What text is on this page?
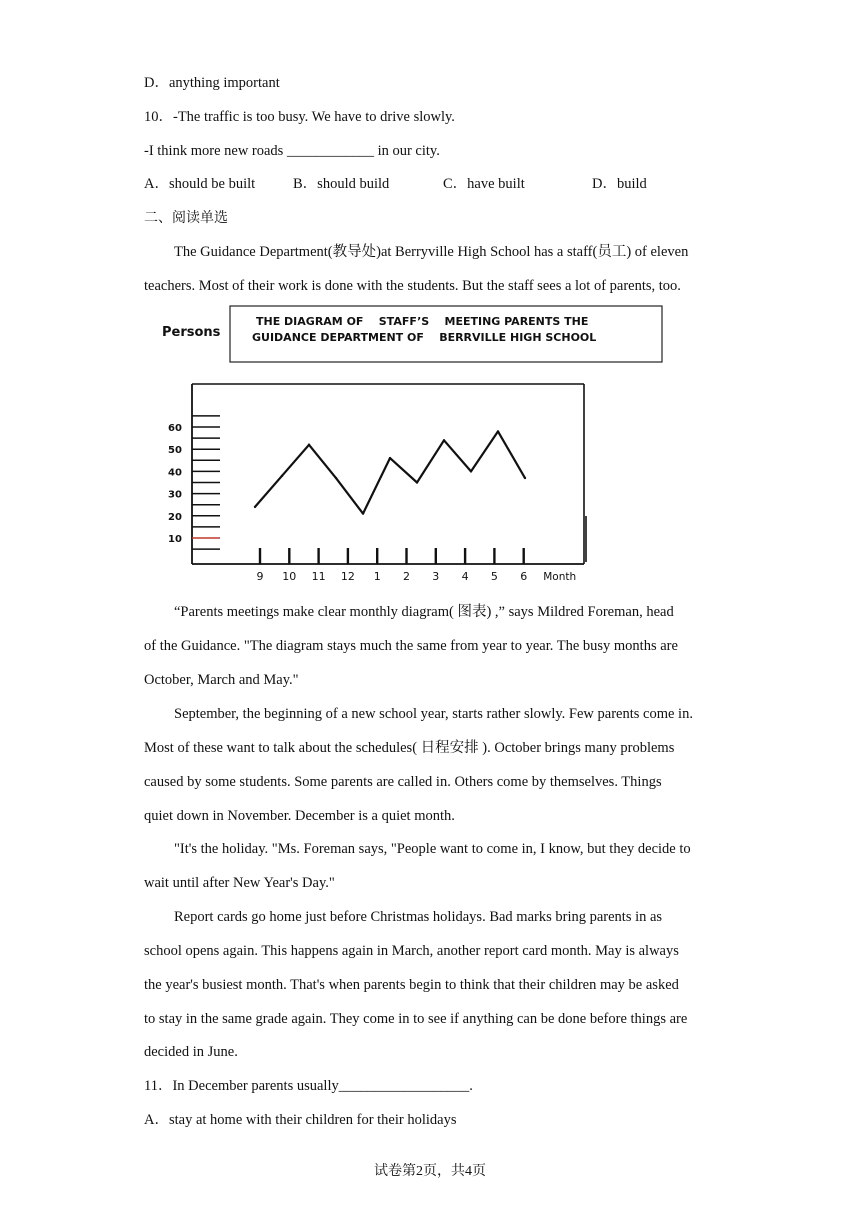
D．anything important
10．-The traffic is too busy. We have to drive slowly.
-I think more new roads ____________ in our city.
A．should be built	B．should build	C．have built	D．build
二、阅读单选
The Guidance Department(教导处)at Berryville High School has a staff(员工) of eleven
teachers. Most of their work is done with the students. But the staff sees a lot of parents, too.
Persons
THE DIAGRAM OF    STAFF’S    MEETING PARENTS THE
GUIDANCE DEPARTMENT OF    BERRVILLE HIGH SCHOOL
10
20
30
40
50
60
9 10 11 12 1 2 3 4 5 6 Month
“Parents meetings make clear monthly diagram( 图表) ,” says Mildred Foreman, head
of the Guidance. "The diagram stays much the same from year to year. The busy months are
October, March and May."
September, the beginning of a new school year, starts rather slowly. Few parents come in.
Most of these want to talk about the schedules( 日程安排 ). October brings many problems
caused by some students. Some parents are called in. Others come by themselves. Things
quiet down in November. December is a quiet month.
"It's the holiday. "Ms. Foreman says, "People want to come in, I know, but they decide to
wait until after New Year's Day."
Report cards go home just before Christmas holidays. Bad marks bring parents in as
school opens again. This happens again in March, another report card month. May is always
the year's busiest month. That's when parents begin to think that their children may be asked
to stay in the same grade again. They come in to see if anything can be done before things are
decided in June.
11．In December parents usually__________________.
A．stay at home with their children for their holidays
试卷第2页，共4页
